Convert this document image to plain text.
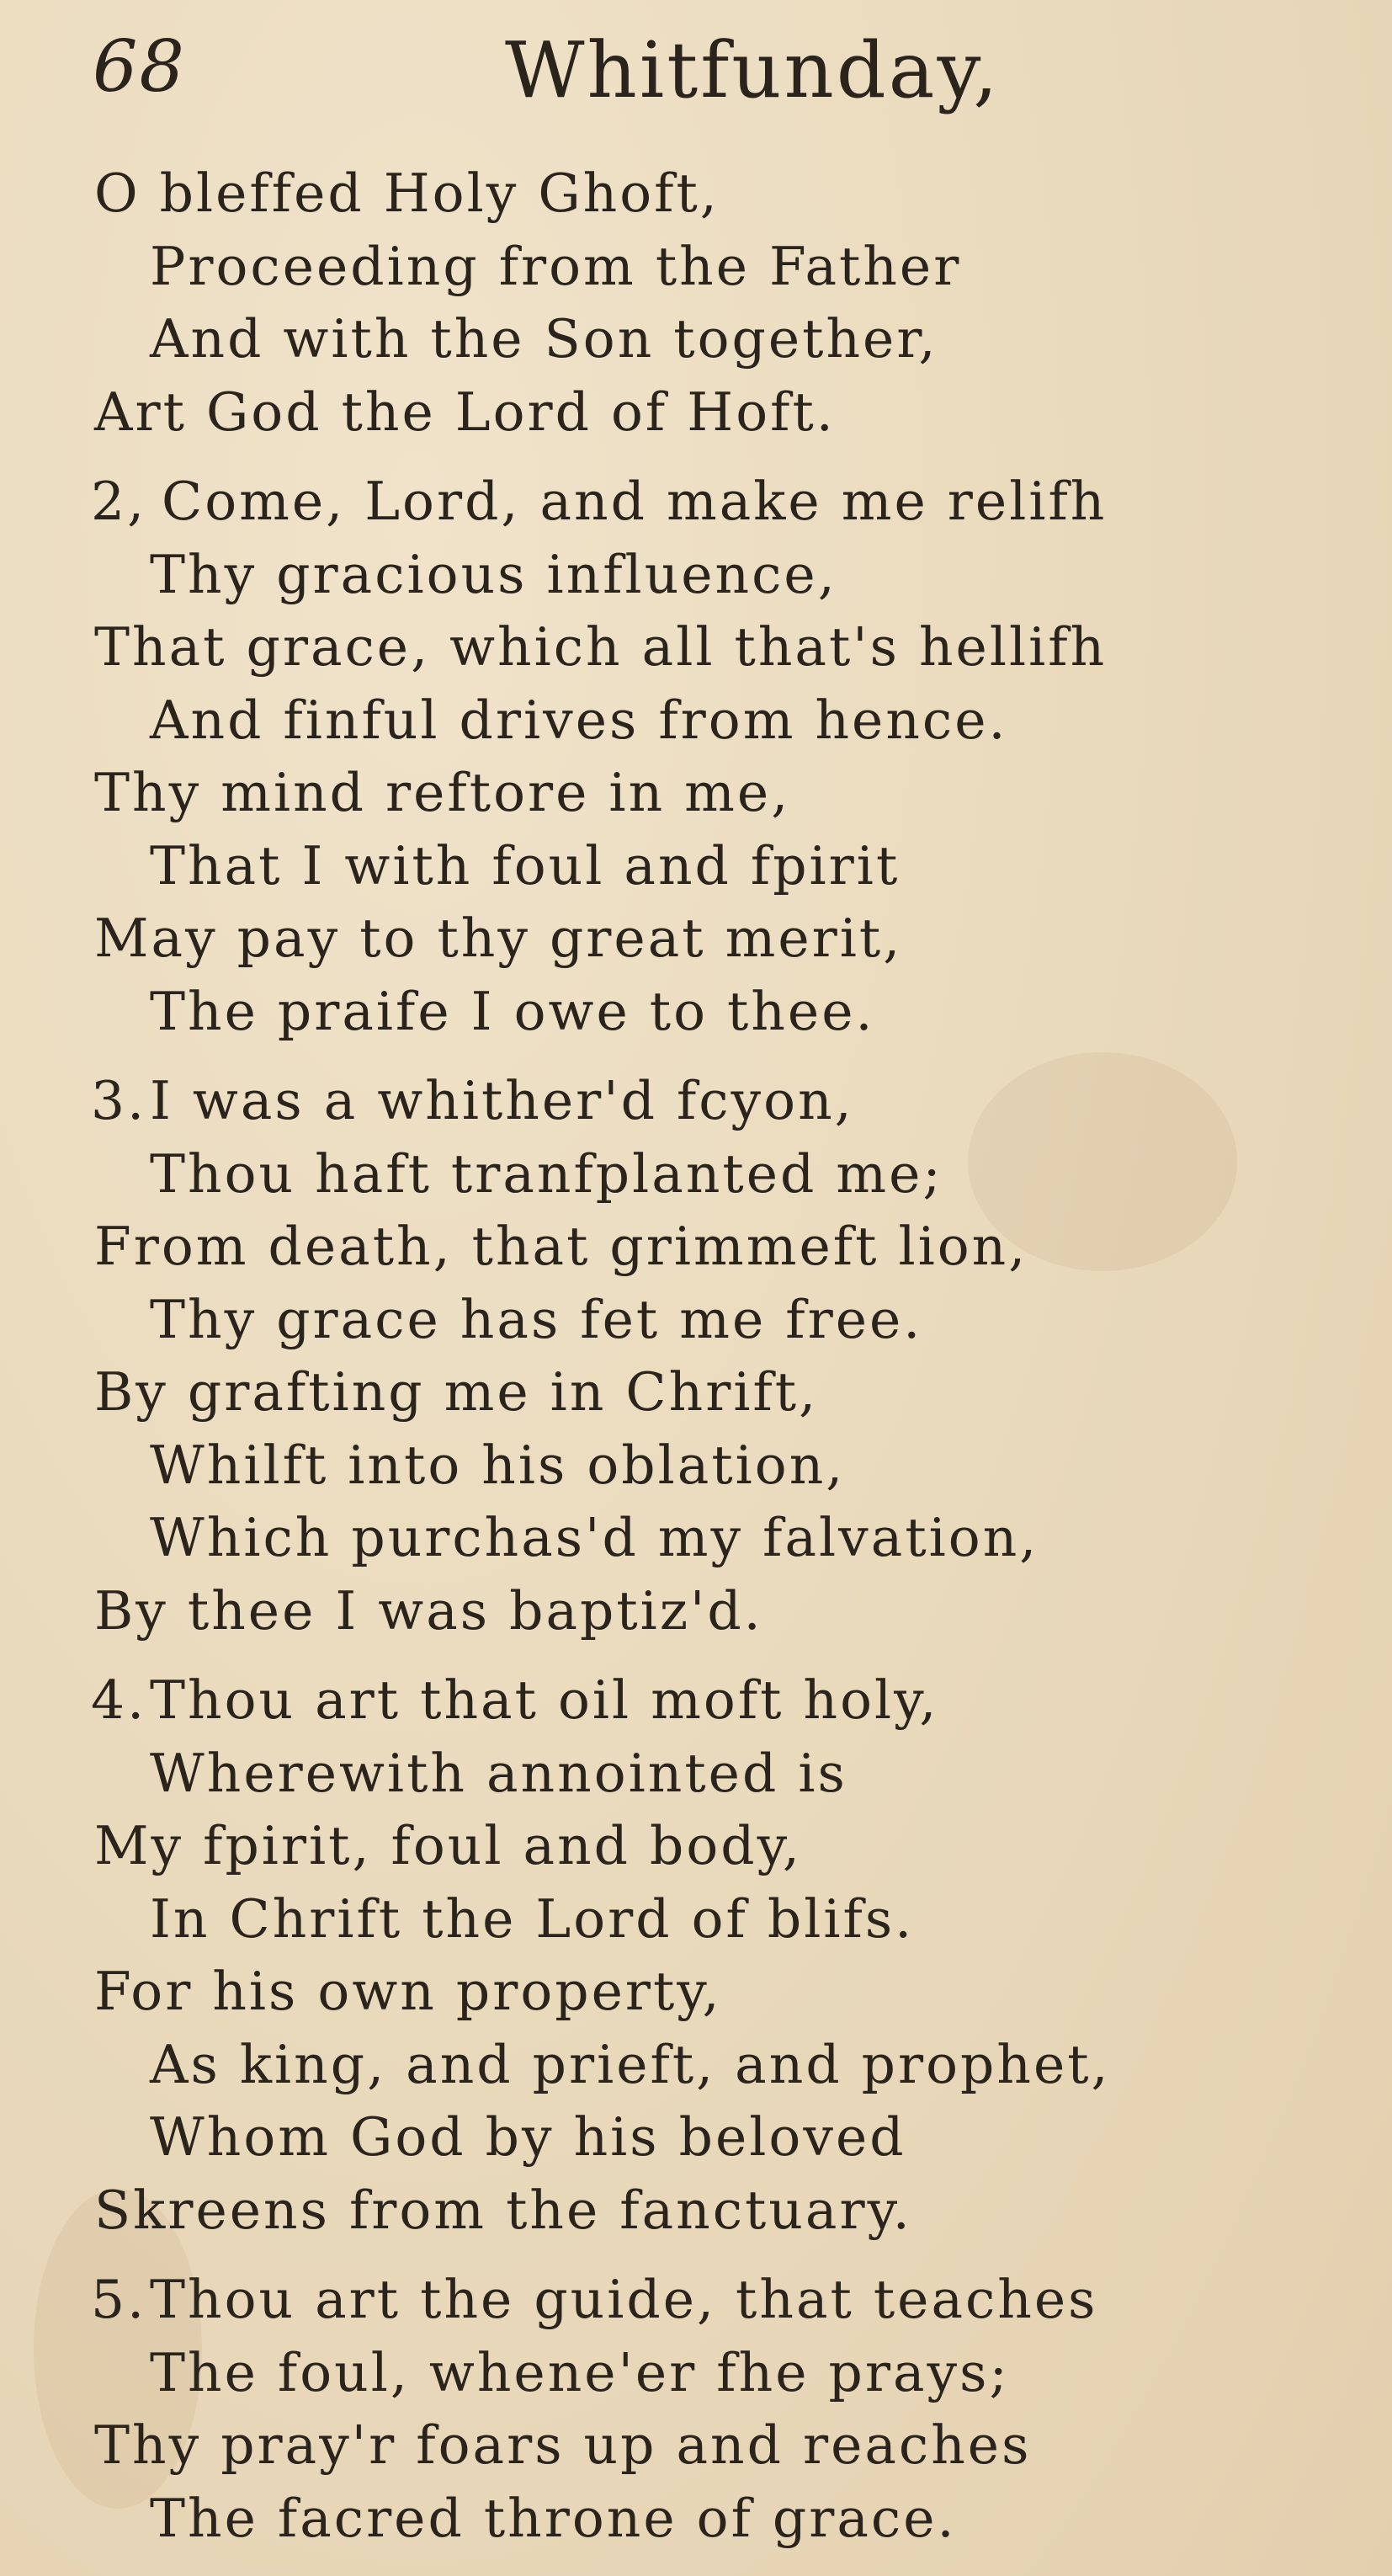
68	Whitfunday,
O bleffed Holy Ghoft,
Proceeding from the Father
And with the Son together,
Art God the Lord of Hoft.
2, Come, Lord, and make me relifh
Thy gracious influence,
That grace, which all that's hellifh
And finful drives from hence.
Thy mind reftore in me,
That I with foul and fpirit
May pay to thy great merit,
The praife I owe to thee.
3. I was a whither'd fcyon,
Thou haft tranfplanted me;
From death, that grimmeft lion,
Thy grace has fet me free.
By grafting me in Chrift,
Whilft into his oblation,
Which purchas'd my falvation,
By thee I was baptiz'd.
4. Thou art that oil moft holy,
Wherewith annointed is
My fpirit, foul and body,
In Chrift the Lord of blifs.
For his own property,
As king, and prieft, and prophet,
Whom God by his beloved
Skreens from the fanctuary.
5. Thou art the guide, that teaches
The foul, whene'er fhe prays;
Thy pray'r foars up and reaches
The facred throne of grace.
